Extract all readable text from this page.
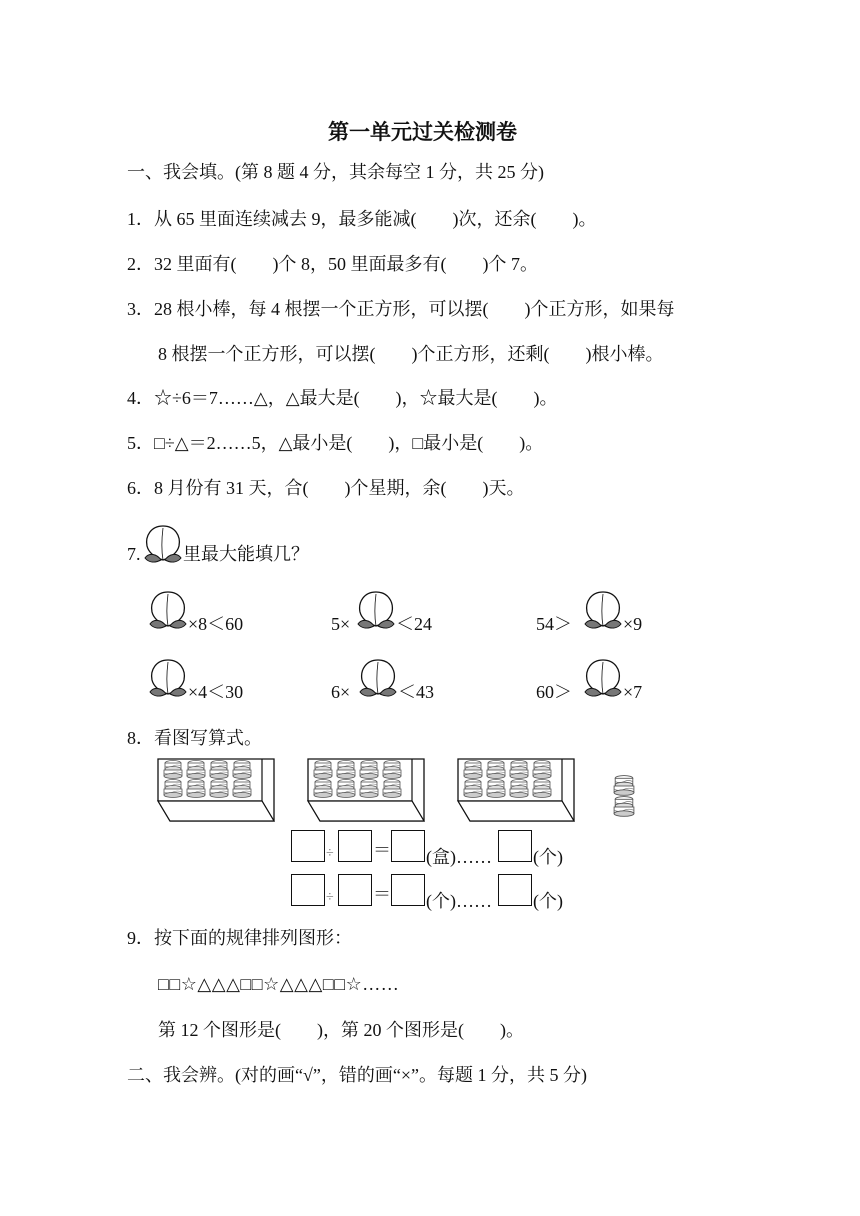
第一单元过关检测卷
一、我会填。(第 8 题 4 分，其余每空 1 分，共 25 分)
1．从 65 里面连续减去 9，最多能减(　　)次，还余(　　)。
2．32 里面有(　　)个 8，50 里面最多有(　　)个 7。
3．28 根小棒，每 4 根摆一个正方形，可以摆(　　)个正方形，如果每
8 根摆一个正方形，可以摆(　　)个正方形，还剩(　　)根小棒。
4．☆÷6＝7……△，△最大是(　　)，☆最大是(　　)。
5．□÷△＝2……5，△最小是(　　)，□最小是(　　)。
6．8 月份有 31 天，合(　　)个星期，余(　　)天。
7. 里最大能填几？
×8＜60	5×	＜24	54＞	×9
×4＜30	6×	＜43	60＞	×7
8．看图写算式。
÷ ＝ (盒)…… (个)
÷ ＝ (个)…… (个)
9．按下面的规律排列图形：
□□☆△△△□□☆△△△□□☆……
第 12 个图形是(　　)，第 20 个图形是(　　)。
二、我会辨。(对的画“√”，错的画“×”。每题 1 分，共 5 分)
